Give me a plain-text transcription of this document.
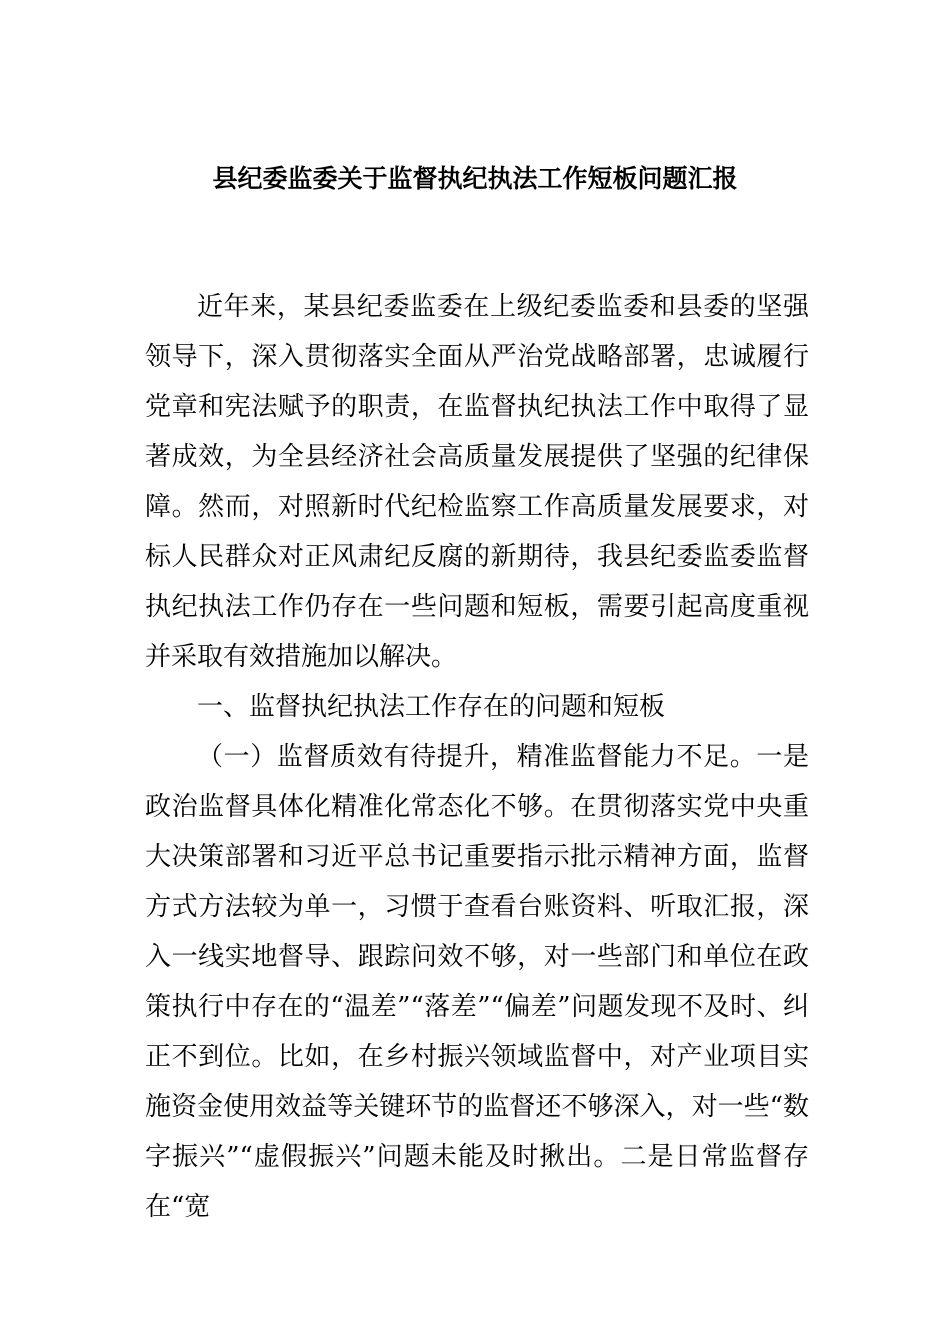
县纪委监委关于监督执纪执法工作短板问题汇报

近年来，某县纪委监委在上级纪委监委和县委的坚强领导下，深入贯彻落实全面从严治党战略部署，忠诚履行党章和宪法赋予的职责，在监督执纪执法工作中取得了显著成效，为全县经济社会高质量发展提供了坚强的纪律保障。然而，对照新时代纪检监察工作高质量发展要求，对标人民群众对正风肃纪反腐的新期待，我县纪委监委监督执纪执法工作仍存在一些问题和短板，需要引起高度重视并采取有效措施加以解决。

一、监督执纪执法工作存在的问题和短板

（一）监督质效有待提升，精准监督能力不足。一是政治监督具体化精准化常态化不够。在贯彻落实党中央重大决策部署和习近平总书记重要指示批示精神方面，监督方式方法较为单一，习惯于查看台账资料、听取汇报，深入一线实地督导、跟踪问效不够，对一些部门和单位在政策执行中存在的“温差”“落差”“偏差”问题发现不及时、纠正不到位。比如，在乡村振兴领域监督中，对产业项目实施资金使用效益等关键环节的监督还不够深入，对一些“数字振兴”“虚假振兴”问题未能及时揪出。二是日常监督存在“宽
